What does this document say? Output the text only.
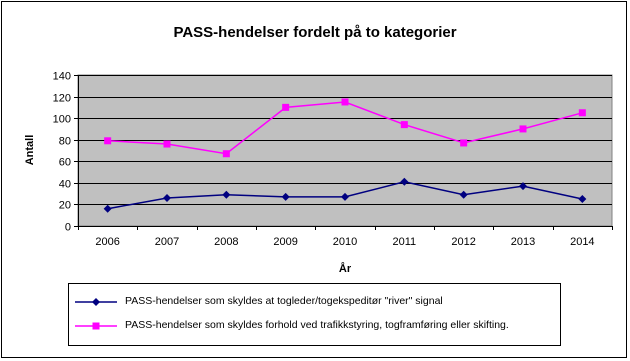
PASS-hendelser fordelt på to kategorier
0
20
40
60
80
100
120
140
2006	2007	2008	2009	2010	2011	2012	2013	2014
Antall
År
PASS-hendelser som skyldes at togleder/togekspeditør "river" signal
PASS-hendelser som skyldes forhold ved trafikkstyring, togframføring eller skifting.
